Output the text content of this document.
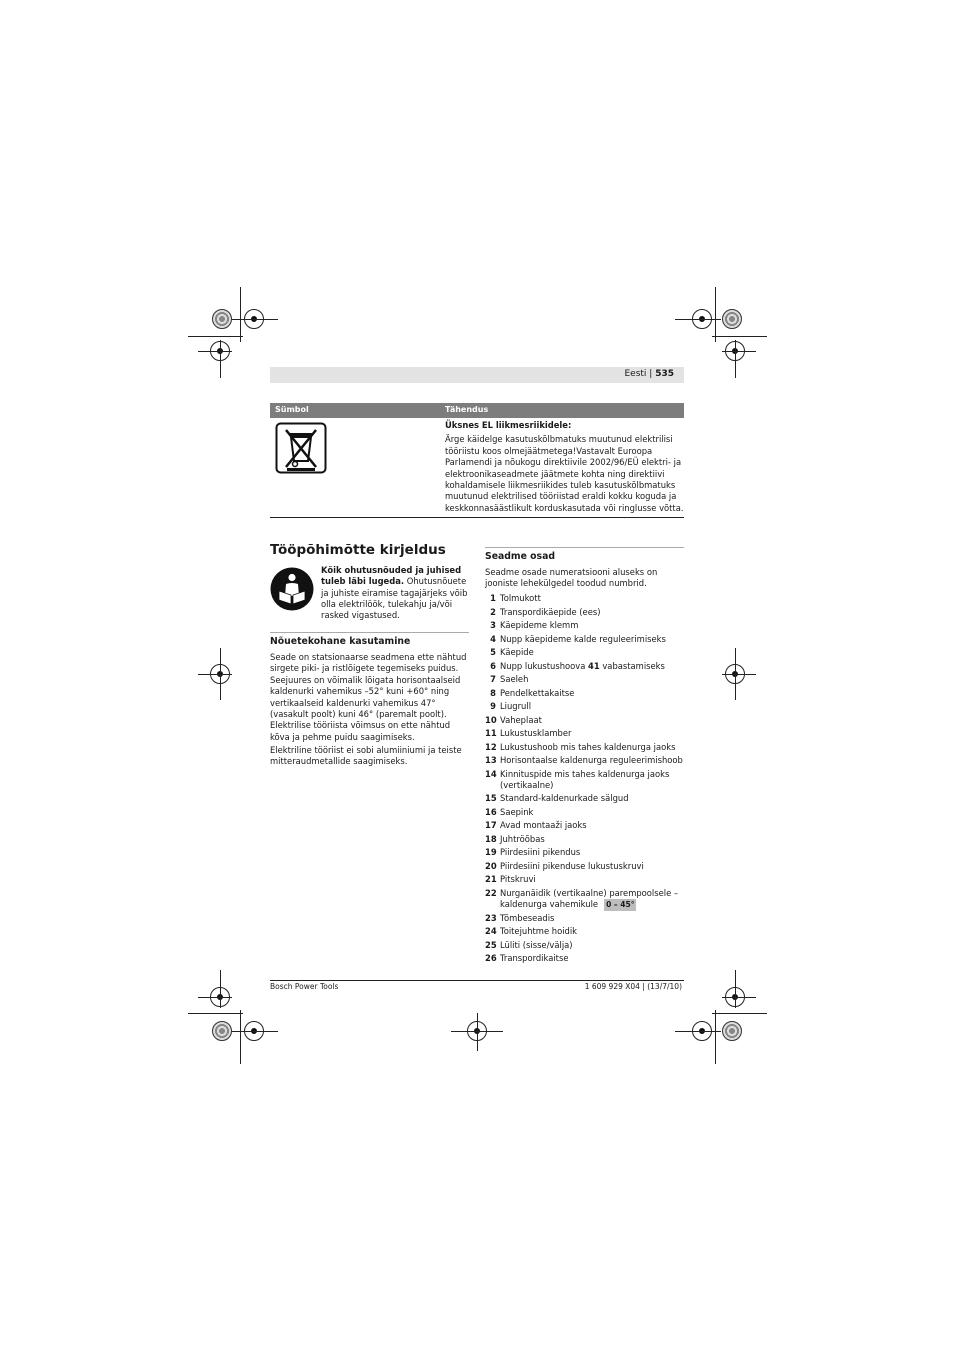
Eesti | 535
Sümbol	Tähendus
Üksnes EL liikmesriikidele:
Ärge käidelge kasutuskõlbmatuks muutunud elektrilisi tööriistu koos olmejäätmetega!Vastavalt Euroopa Parlamendi ja nõukogu direktiivile 2002/96/EÜ elektri- ja elektroonikaseadmete jäätmete kohta ning direktiivi kohaldamisele liikmesriikides tuleb kasutuskõlbmatuks muutunud elektrilised tööriistad eraldi kokku koguda ja keskkonnasäästlikult korduskasutada või ringlusse võtta.
Tööpõhimõtte kirjeldus
Kõik ohutusnõuded ja juhised tuleb läbi lugeda. Ohutusnõuete ja juhiste eiramise tagajärjeks võib olla elektrilöök, tulekahju ja/või rasked vigastused.
Nõuetekohane kasutamine

Seade on statsionaarse seadmena ette nähtud sirgete piki- ja ristlõigete tegemiseks puidus. Seejuures on võimalik lõigata horisontaalseid kaldenurki vahemikus –52° kuni +60° ning vertikaalseid kaldenurki vahemikus 47° (vasakult poolt) kuni 46° (paremalt poolt). Elektrilise tööriista võimsus on ette nähtud kõva ja pehme puidu saagimiseks.

Elektriline tööriist ei sobi alumiiniumi ja teiste mitteraudmetallide saagimiseks.

Seadme osad

Seadme osade numeratsiooni aluseks on jooniste lehekülgedel toodud numbrid.

1 Tolmukott
2 Transpordikäepide (ees)
3 Käepideme klemm
4 Nupp käepideme kalde reguleerimiseks
5 Käepide
6 Nupp lukustushoova 41 vabastamiseks
7 Saeleh
8 Pendelkettakaitse
9 Liugrull
10 Vaheplaat
11 Lukustusklamber
12 Lukustushoob mis tahes kaldenurga jaoks
13 Horisontaalse kaldenurga reguleerimishoob
14 Kinnituspide mis tahes kaldenurga jaoks (vertikaalne)
15 Standard-kaldenurkade sälgud
16 Saepink
17 Avad montaaži jaoks
18 Juhtröõbas
19 Piirdesiini pikendus
20 Piirdesiini pikenduse lukustuskruvi
21 Pitskruvi
22 Nurganäidik (vertikaalne) parempoolsele – kaldenurga vahemikule 0 – 45°
23 Tõmbeseadis
24 Toitejuhtme hoidik
25 Lüliti (sisse/välja)
26 Transpordikaitse
Bosch Power Tools	1 609 929 X04 | (13/7/10)
